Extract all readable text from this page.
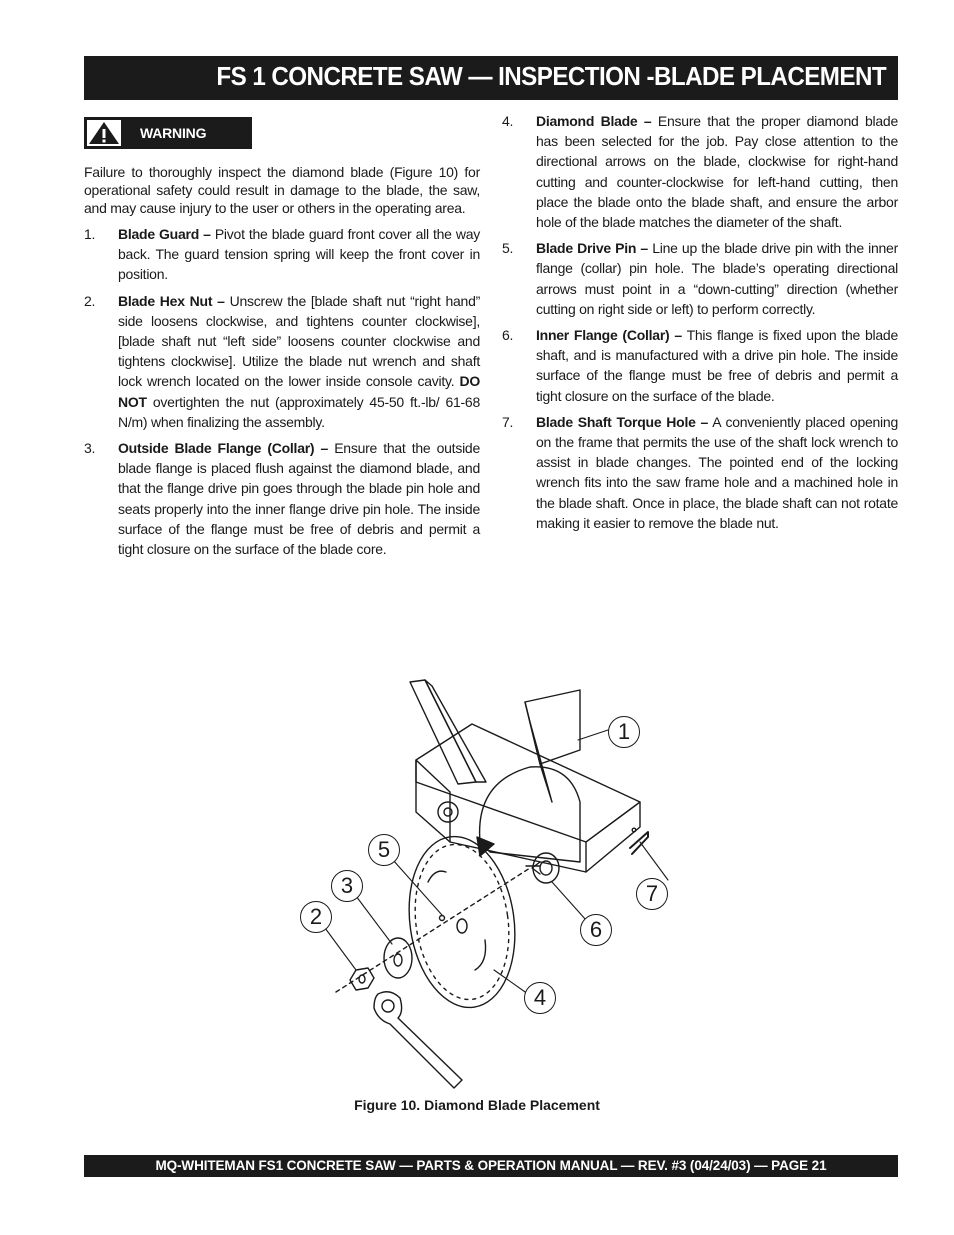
FS 1 CONCRETE SAW — INSPECTION -BLADE PLACEMENT
WARNING

Failure to thoroughly inspect the diamond blade (Figure 10) for operational safety could result in damage to the blade, the saw, and may cause injury to the user or others in the operating area.

1. Blade Guard – Pivot the blade guard front cover all the way back. The guard tension spring will keep the front cover in position.

2. Blade Hex Nut – Unscrew the [blade shaft nut “right hand” side loosens clockwise, and tightens counter clockwise], [blade shaft nut “left side” loosens counter clockwise and tightens clockwise]. Utilize the blade nut wrench and shaft lock wrench located on the lower inside console cavity. DO NOT overtighten the nut (approximately 45-50 ft.-lb/ 61-68 N/m) when finalizing the assembly.

3. Outside Blade Flange (Collar) – Ensure that the outside blade flange is placed flush against the diamond blade, and that the flange drive pin goes through the blade pin hole and seats properly into the inner flange drive pin hole. The inside surface of the flange must be free of debris and permit a tight closure on the surface of the blade core.

4. Diamond Blade – Ensure that the proper diamond blade has been selected for the job. Pay close attention to the directional arrows on the blade, clockwise for right-hand cutting and counter-clockwise for left-hand cutting, then place the blade onto the blade shaft, and ensure the arbor hole of the blade matches the diameter of the shaft.

5. Blade Drive Pin – Line up the blade drive pin with the inner flange (collar) pin hole. The blade’s operating directional arrows must point in a “down-cutting” direction (whether cutting on right side or left) to perform correctly.

6. Inner Flange (Collar) – This flange is fixed upon the blade shaft, and is manufactured with a drive pin hole. The inside surface of the flange must be free of debris and permit a tight closure on the surface of the blade.

7. Blade Shaft Torque Hole – A conveniently placed opening on the frame that permits the use of the shaft lock wrench to assist in blade changes. The pointed end of the locking wrench fits into the saw frame hole and a machined hole in the blade shaft. Once in place, the blade shaft can not rotate making it easier to remove the blade nut.

1
2
3
4
5
6
7
Figure 10. Diamond Blade Placement
MQ-WHITEMAN FS1 CONCRETE SAW — PARTS & OPERATION MANUAL — REV. #3 (04/24/03) — PAGE 21
